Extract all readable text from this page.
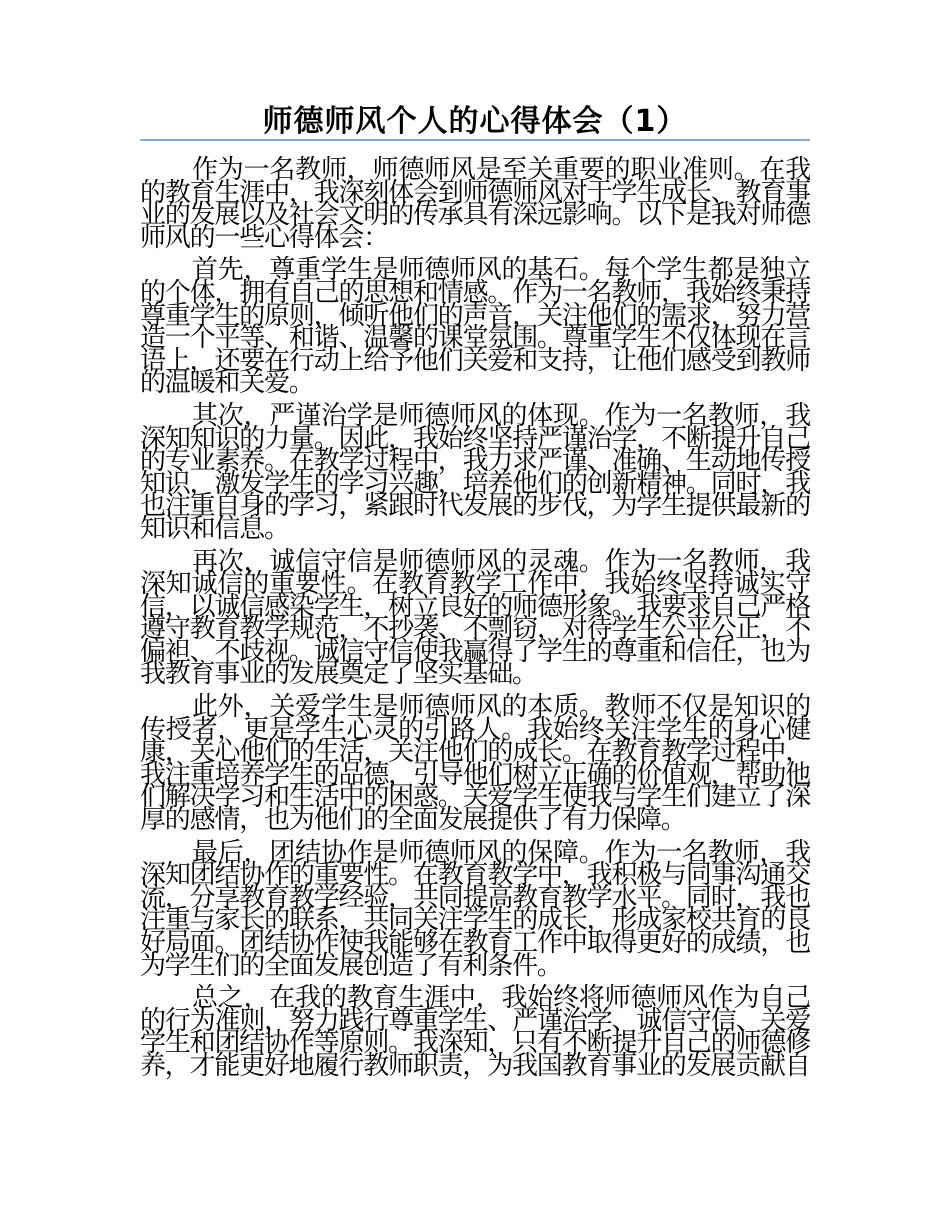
师德师风个人的心得体会（1）

作为一名教师，师德师风是至关重要的职业准则。在我的教育生涯中，我深刻体会到师德师风对于学生成长、教育事业的发展以及社会文明的传承具有深远影响。以下是我对师德师风的一些心得体会：

首先，尊重学生是师德师风的基石。每个学生都是独立的个体，拥有自己的思想和情感。作为一名教师，我始终秉持尊重学生的原则，倾听他们的声音，关注他们的需求，努力营造一个平等、和谐、温馨的课堂氛围。尊重学生不仅体现在言语上，还要在行动上给予他们关爱和支持，让他们感受到教师的温暖和关爱。

其次，严谨治学是师德师风的体现。作为一名教师，我深知知识的力量。因此，我始终坚持严谨治学，不断提升自己的专业素养。在教学过程中，我力求严谨、准确、生动地传授知识，激发学生的学习兴趣，培养他们的创新精神。同时，我也注重自身的学习，紧跟时代发展的步伐，为学生提供最新的知识和信息。

再次，诚信守信是师德师风的灵魂。作为一名教师，我深知诚信的重要性。在教育教学工作中，我始终坚持诚实守信，以诚信感染学生，树立良好的师德形象。我要求自己严格遵守教育教学规范，不抄袭、不剽窃，对待学生公平公正，不偏袒、不歧视。诚信守信使我赢得了学生的尊重和信任，也为我教育事业的发展奠定了坚实基础。

此外，关爱学生是师德师风的本质。教师不仅是知识的传授者，更是学生心灵的引路人。我始终关注学生的身心健康，关心他们的生活，关注他们的成长。在教育教学过程中，我注重培养学生的品德，引导他们树立正确的价值观，帮助他们解决学习和生活中的困惑。关爱学生使我与学生们建立了深厚的感情，也为他们的全面发展提供了有力保障。

最后，团结协作是师德师风的保障。作为一名教师，我深知团结协作的重要性。在教育教学中，我积极与同事沟通交流，分享教育教学经验，共同提高教育教学水平。同时，我也注重与家长的联系，共同关注学生的成长，形成家校共育的良好局面。团结协作使我能够在教育工作中取得更好的成绩，也为学生们的全面发展创造了有利条件。

总之，在我的教育生涯中，我始终将师德师风作为自己的行为准则，努力践行尊重学生、严谨治学、诚信守信、关爱学生和团结协作等原则。我深知，只有不断提升自己的师德修养，才能更好地履行教师职责，为我国教育事业的发展贡献自
